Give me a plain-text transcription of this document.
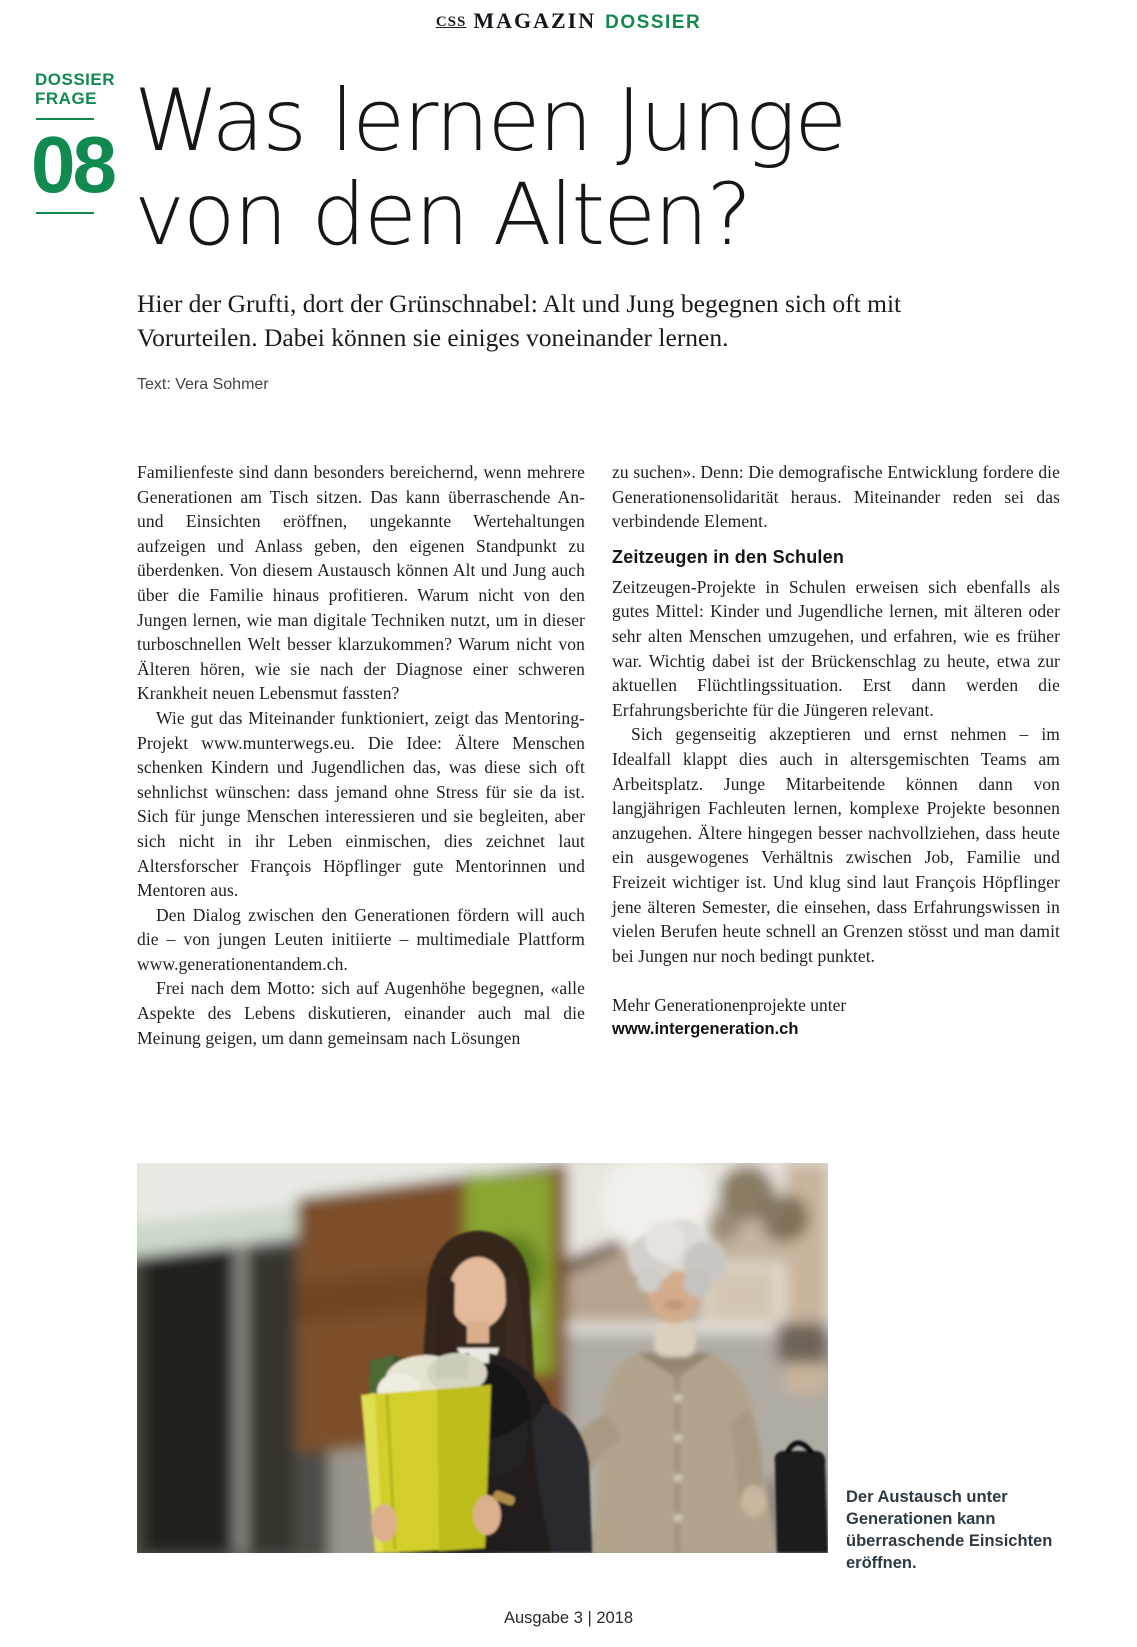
CSS MAGAZIN DOSSIER
DOSSIER
FRAGE
08 Was lernen Junge
von den Alten?
Hier der Grufti, dort der Grünschnabel: Alt und Jung begegnen sich oft mit Vorurteilen. Dabei können sie einiges voneinander lernen.
Text: Vera Sohmer

Familienfeste sind dann besonders bereichernd, wenn mehrere Generationen am Tisch sitzen. Das kann überraschende An- und Einsichten eröffnen, ungekannte Wertehaltungen aufzeigen und Anlass geben, den eigenen Standpunkt zu überdenken. Von diesem Austausch können Alt und Jung auch über die Familie hinaus profitieren. Warum nicht von den Jungen lernen, wie man digitale Techniken nutzt, um in dieser turboschnellen Welt besser klarzukommen? Warum nicht von Älteren hören, wie sie nach der Diagnose einer schweren Krankheit neuen Lebensmut fassten?

Wie gut das Miteinander funktioniert, zeigt das Mentoring-Projekt www.munterwegs.eu. Die Idee: Ältere Menschen schenken Kindern und Jugendlichen das, was diese sich oft sehnlichst wünschen: dass jemand ohne Stress für sie da ist. Sich für junge Menschen interessieren und sie begleiten, aber sich nicht in ihr Leben einmischen, dies zeichnet laut Altersforscher François Höpflinger gute Mentorinnen und Mentoren aus.

Den Dialog zwischen den Generationen fördern will auch die – von jungen Leuten initiierte – multimediale Plattform www.generationentandem.ch.

Frei nach dem Motto: sich auf Augenhöhe begegnen, «alle Aspekte des Lebens diskutieren, einander auch mal die Meinung geigen, um dann gemeinsam nach Lösungen

zu suchen». Denn: Die demografische Entwicklung fordere die Generationensolidarität heraus. Miteinander reden sei das verbindende Element.

Zeitzeugen in den Schulen

Zeitzeugen-Projekte in Schulen erweisen sich ebenfalls als gutes Mittel: Kinder und Jugendliche lernen, mit älteren oder sehr alten Menschen umzugehen, und erfahren, wie es früher war. Wichtig dabei ist der Brückenschlag zu heute, etwa zur aktuellen Flüchtlingssituation. Erst dann werden die Erfahrungsberichte für die Jüngeren relevant.

Sich gegenseitig akzeptieren und ernst nehmen – im Idealfall klappt dies auch in altersgemischten Teams am Arbeitsplatz. Junge Mitarbeitende können dann von langjährigen Fachleuten lernen, komplexe Projekte besonnen anzugehen. Ältere hingegen besser nachvollziehen, dass heute ein ausgewogenes Verhältnis zwischen Job, Familie und Freizeit wichtiger ist. Und klug sind laut François Höpflinger jene älteren Semester, die einsehen, dass Erfahrungswissen in vielen Berufen heute schnell an Grenzen stösst und man damit bei Jungen nur noch bedingt punktet.

Mehr Generationenprojekte unter
www.intergeneration.ch
Der Austausch unter Generationen kann überraschende Einsichten eröffnen.
Ausgabe 3 | 2018
